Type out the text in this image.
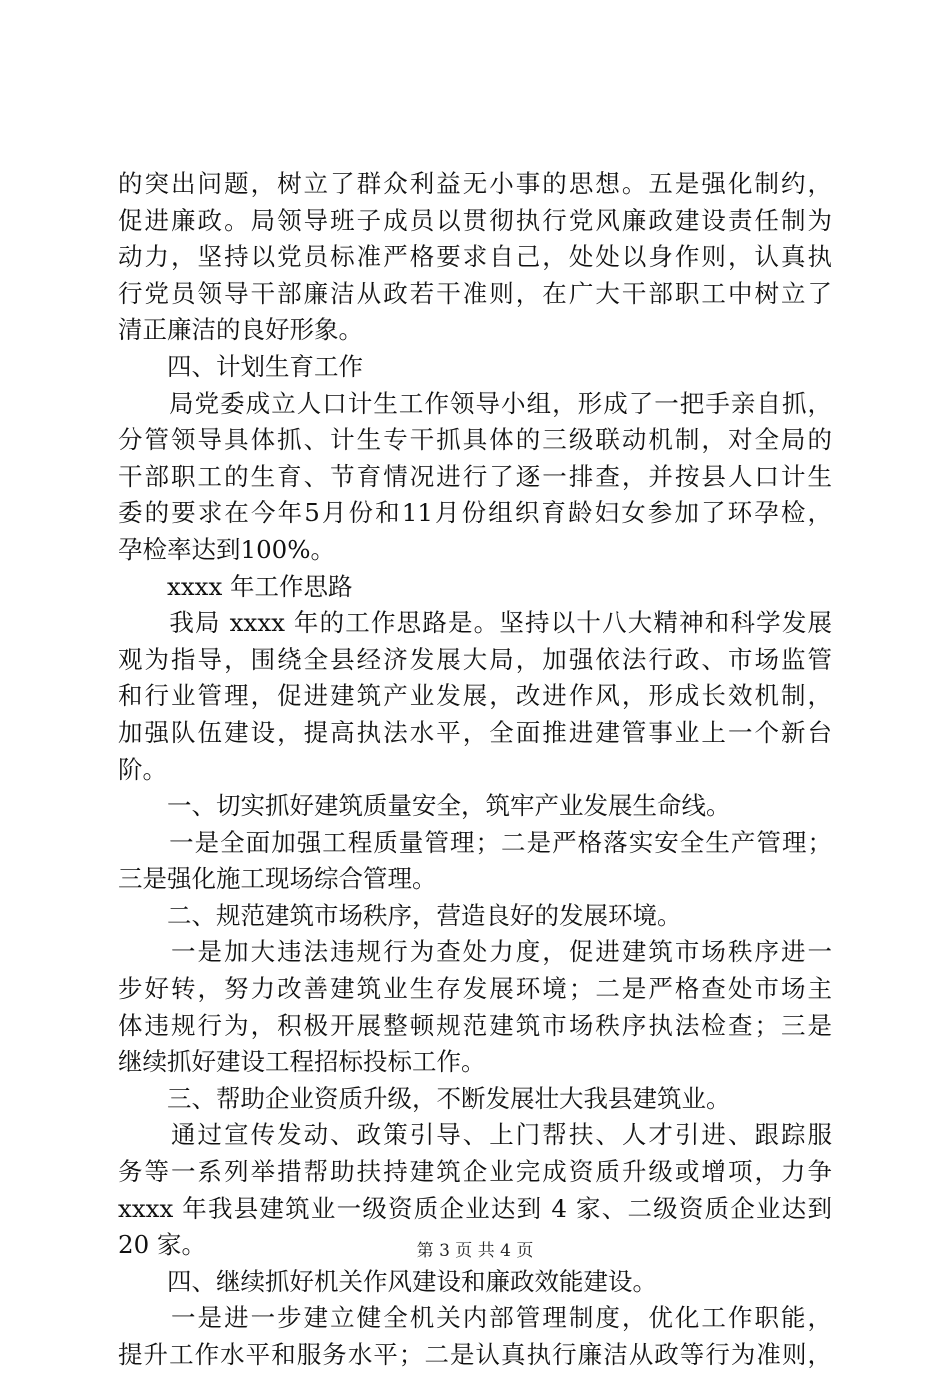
的突出问题，树立了群众利益无小事的思想。五是强化制约，
促进廉政。局领导班子成员以贯彻执行党风廉政建设责任制为
动力，坚持以党员标准严格要求自己，处处以身作则，认真执
行党员领导干部廉洁从政若干准则，在广大干部职工中树立了
清正廉洁的良好形象。
　　四、计划生育工作
　　局党委成立人口计生工作领导小组，形成了一把手亲自抓，
分管领导具体抓、计生专干抓具体的三级联动机制，对全局的
干部职工的生育、节育情况进行了逐一排查，并按县人口计生
委的要求在今年5月份和11月份组织育龄妇女参加了环孕检，
孕检率达到100%。
　　xxxx 年工作思路
　　我局 xxxx 年的工作思路是。坚持以十八大精神和科学发展
观为指导，围绕全县经济发展大局，加强依法行政、市场监管
和行业管理，促进建筑产业发展，改进作风，形成长效机制，
加强队伍建设，提高执法水平，全面推进建管事业上一个新台
阶。
　　一、切实抓好建筑质量安全，筑牢产业发展生命线。
　　一是全面加强工程质量管理；二是严格落实安全生产管理；
三是强化施工现场综合管理。
　　二、规范建筑市场秩序，营造良好的发展环境。
　　一是加大违法违规行为查处力度，促进建筑市场秩序进一
步好转，努力改善建筑业生存发展环境；二是严格查处市场主
体违规行为，积极开展整顿规范建筑市场秩序执法检查；三是
继续抓好建设工程招标投标工作。
　　三、帮助企业资质升级，不断发展壮大我县建筑业。
　　通过宣传发动、政策引导、上门帮扶、人才引进、跟踪服
务等一系列举措帮助扶持建筑企业完成资质升级或增项，力争
xxxx 年我县建筑业一级资质企业达到 4 家、二级资质企业达到
20 家。
　　四、继续抓好机关作风建设和廉政效能建设。
　　一是进一步建立健全机关内部管理制度，优化工作职能，
提升工作水平和服务水平；二是认真执行廉洁从政等行为准则，
第 3 页 共 4 页
